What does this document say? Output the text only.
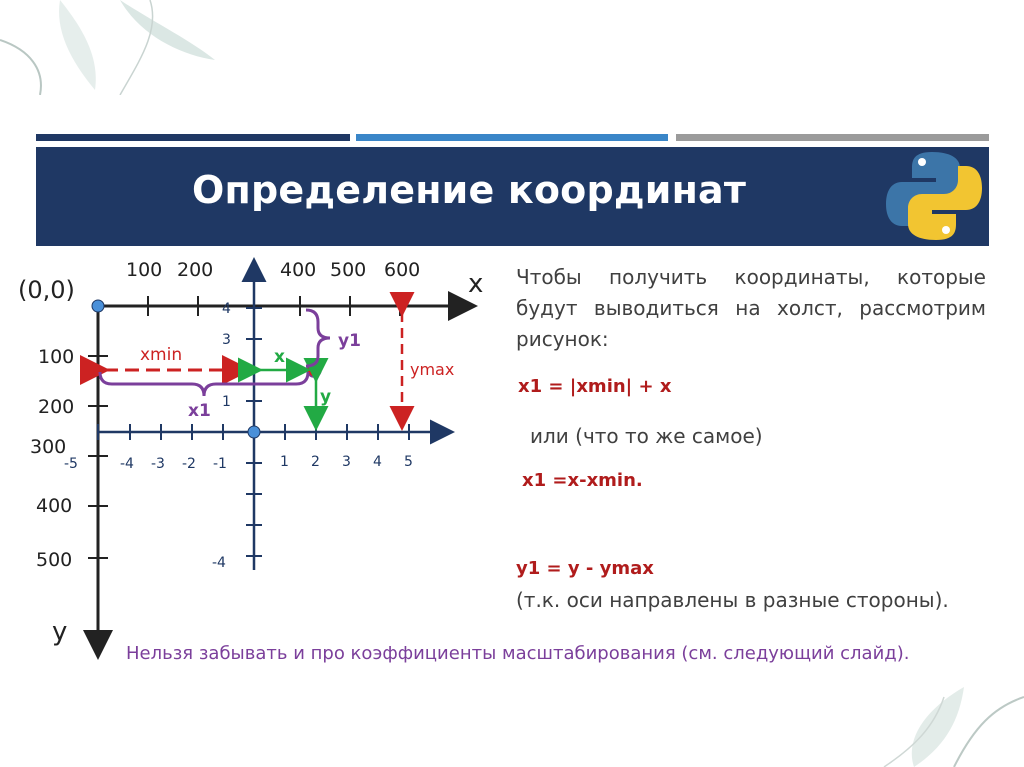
Определение координат
(0,0)	x
y
100 200	400 500 600
100
200
300
400
500
-5	-4 -3 -2 -1	1 2 3 4 5
4
3
2
1
-4
xmin	x
y
x1
y1
ymax
Чтобы получить координаты, которые будут выводиться на холст, рассмотрим рисунок:
x1 = |xmin| + x
или (что то же самое)
x1 =x-xmin.
y1 = y - ymax
(т.к. оси направлены в разные стороны).
Нельзя забывать и про коэффициенты масштабирования (см. следующий слайд).
